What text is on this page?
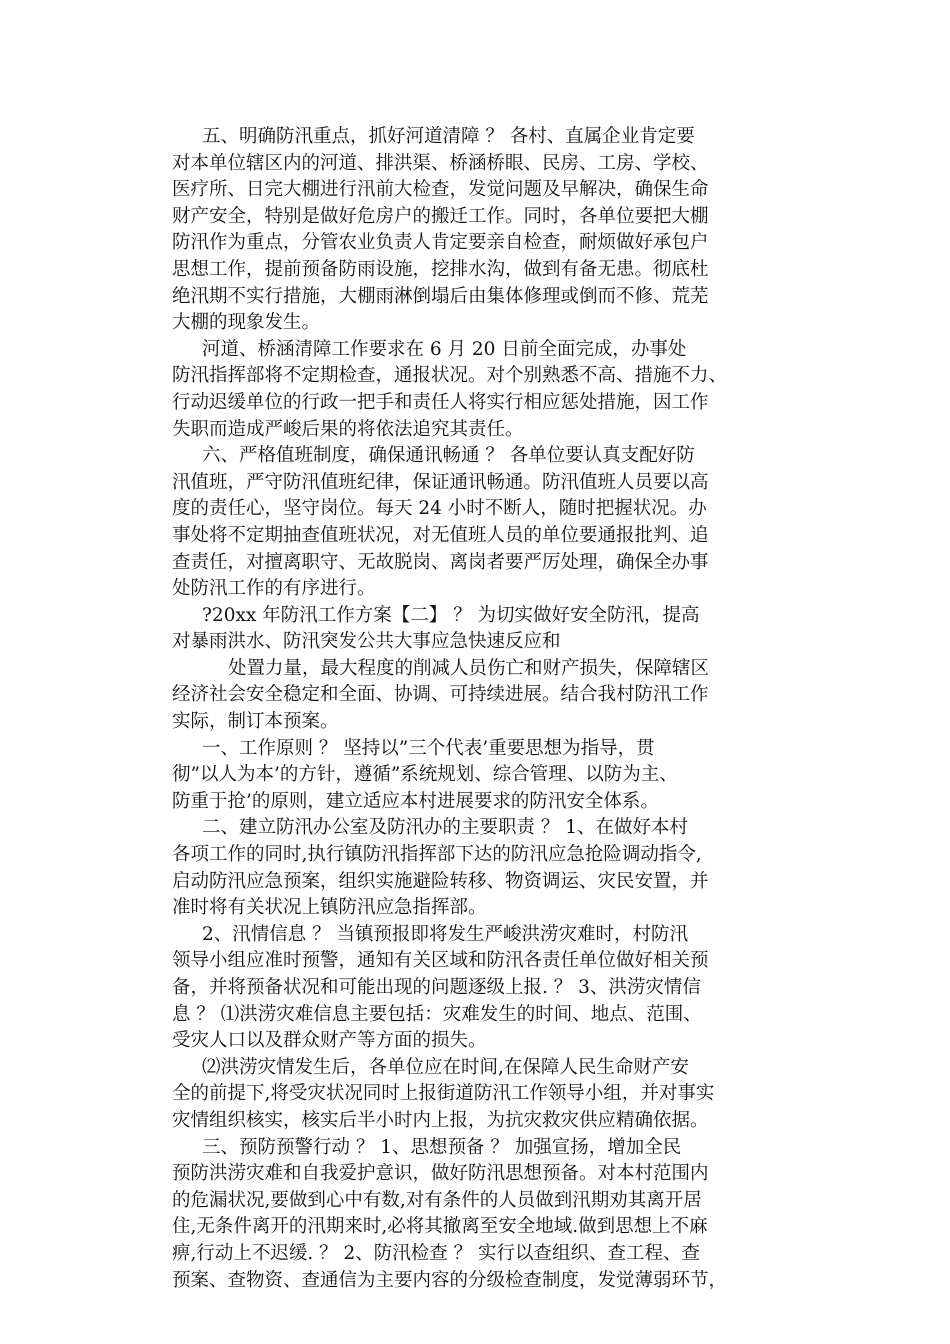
五、明确防汛重点，抓好河道清障 ？ 各村、直属企业肯定要
对本单位辖区内的河道、排洪渠、桥涵桥眼、民房、工房、学校、
医疗所、日完大棚进行汛前大检查，发觉问题及早解决，确保生命
财产安全，特别是做好危房户的搬迁工作。同时，各单位要把大棚
防汛作为重点，分管农业负责人肯定要亲自检查，耐烦做好承包户
思想工作，提前预备防雨设施，挖排水沟，做到有备无患。彻底杜
绝汛期不实行措施，大棚雨淋倒塌后由集体修理或倒而不修、荒芜
大棚的现象发生。
河道、桥涵清障工作要求在 6 月 20 日前全面完成，办事处
防汛指挥部将不定期检查，通报状况。对个别熟悉不高、措施不力、
行动迟缓单位的行政一把手和责任人将实行相应惩处措施，因工作
失职而造成严峻后果的将依法追究其责任。
六、严格值班制度，确保通讯畅通 ？ 各单位要认真支配好防
汛值班，严守防汛值班纪律，保证通讯畅通。防汛值班人员要以高
度的责任心，坚守岗位。每天 24 小时不断人，随时把握状况。办
事处将不定期抽查值班状况，对无值班人员的单位要通报批判、追
查责任，对擅离职守、无故脱岗、离岗者要严厉处理，确保全办事
处防汛工作的有序进行。
?20xx 年防汛工作方案【二】 ？ 为切实做好安全防汛，提高
对暴雨洪水、防汛突发公共大事应急快速反应和
处置力量，最大程度的削减人员伤亡和财产损失，保障辖区
经济社会安全稳定和全面、协调、可持续进展。结合我村防汛工作
实际，制订本预案。
一、工作原则 ？ 坚持以”三个代表’重要思想为指导，贯
彻”以人为本’的方针，遵循”系统规划、综合管理、以防为主、
防重于抢’的原则，建立适应本村进展要求的防汛安全体系。
二、建立防汛办公室及防汛办的主要职责 ？ 1、在做好本村
各项工作的同时,执行镇防汛指挥部下达的防汛应急抢险调动指令,
启动防汛应急预案，组织实施避险转移、物资调运、灾民安置，并
准时将有关状况上镇防汛应急指挥部。
2、汛情信息 ？ 当镇预报即将发生严峻洪涝灾难时，村防汛
领导小组应准时预警，通知有关区域和防汛各责任单位做好相关预
备，并将预备状况和可能出现的问题逐级上报. ？ 3、洪涝灾情信
息 ？ ⑴洪涝灾难信息主要包括：灾难发生的时间、地点、范围、
受灾人口以及群众财产等方面的损失。
⑵洪涝灾情发生后，各单位应在时间,在保障人民生命财产安
全的前提下,将受灾状况同时上报街道防汛工作领导小组，并对事实
灾情组织核实，核实后半小时内上报，为抗灾救灾供应精确依据。
三、预防预警行动 ？ 1、思想预备 ？ 加强宣扬，增加全民
预防洪涝灾难和自我爱护意识，做好防汛思想预备。对本村范围内
的危漏状况,要做到心中有数,对有条件的人员做到汛期劝其离开居
住,无条件离开的汛期来时,必将其撤离至安全地域.做到思想上不麻
痹,行动上不迟缓. ？ 2、防汛检查 ？ 实行以查组织、查工程、查
预案、查物资、查通信为主要内容的分级检查制度，发觉薄弱环节，
